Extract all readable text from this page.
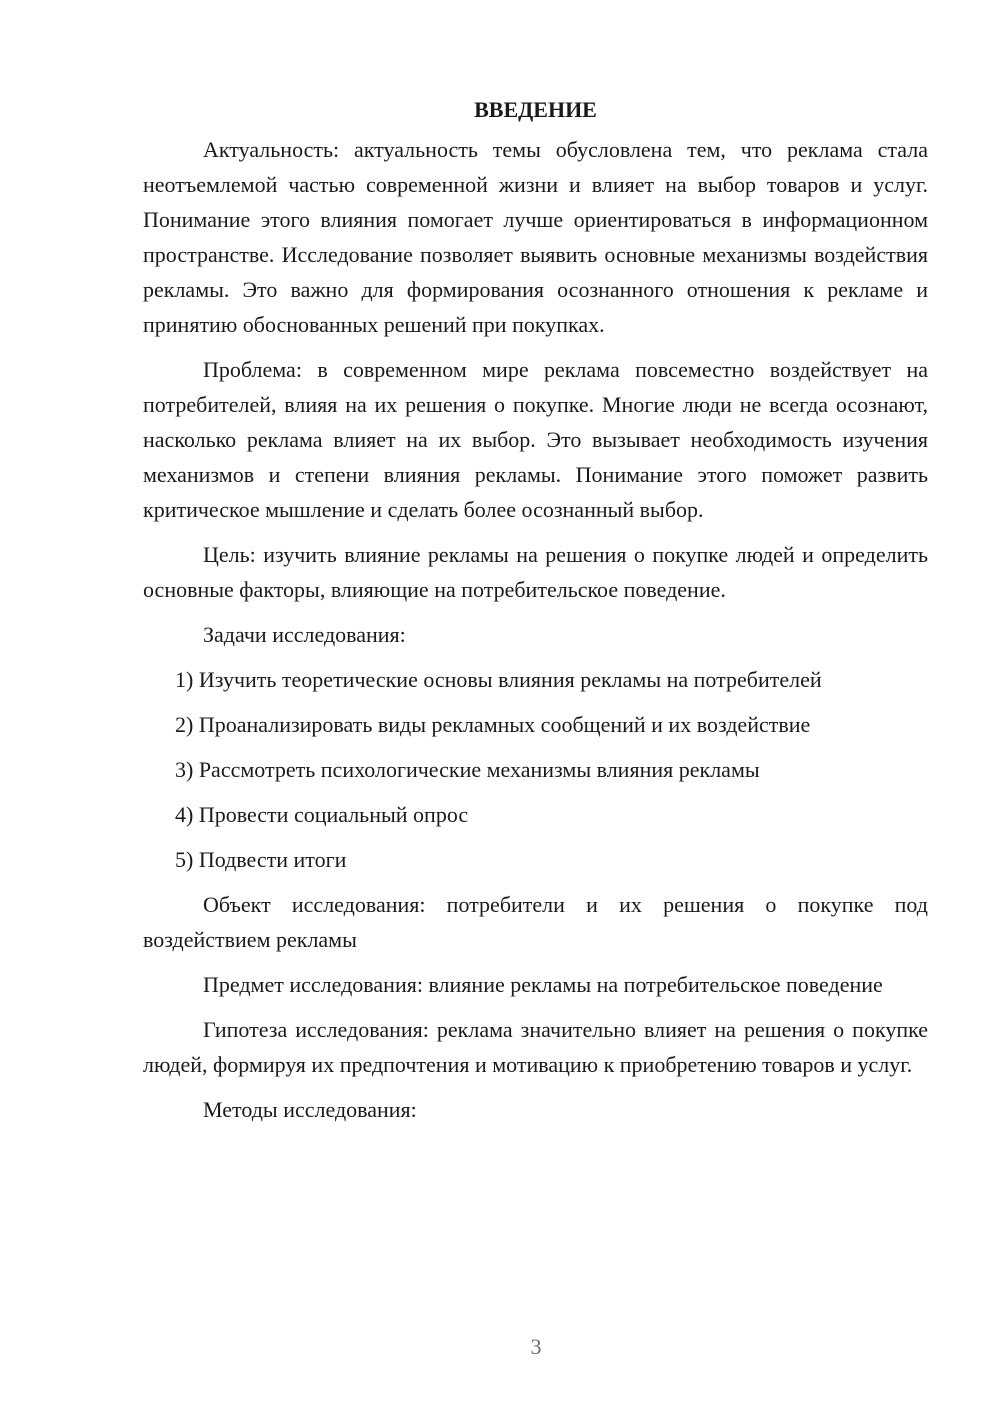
ВВЕДЕНИЕ

Актуальность: актуальность темы обусловлена тем, что реклама стала неотъемлемой частью современной жизни и влияет на выбор товаров и услуг. Понимание этого влияния помогает лучше ориентироваться в информационном пространстве. Исследование позволяет выявить основные механизмы воздействия рекламы. Это важно для формирования осознанного отношения к рекламе и принятию обоснованных решений при покупках.

Проблема: в современном мире реклама повсеместно воздействует на потребителей, влияя на их решения о покупке. Многие люди не всегда осознают, насколько реклама влияет на их выбор. Это вызывает необходимость изучения механизмов и степени влияния рекламы. Понимание этого поможет развить критическое мышление и сделать более осознанный выбор.

Цель: изучить влияние рекламы на решения о покупке людей и определить основные факторы, влияющие на потребительское поведение.

Задачи исследования:

1) Изучить теоретические основы влияния рекламы на потребителей
2) Проанализировать виды рекламных сообщений и их воздействие
3) Рассмотреть психологические механизмы влияния рекламы
4) Провести социальный опрос
5) Подвести итоги

Объект исследования: потребители и их решения о покупке под воздействием рекламы

Предмет исследования: влияние рекламы на потребительское поведение

Гипотеза исследования: реклама значительно влияет на решения о покупке людей, формируя их предпочтения и мотивацию к приобретению товаров и услуг.

Методы исследования:

3
